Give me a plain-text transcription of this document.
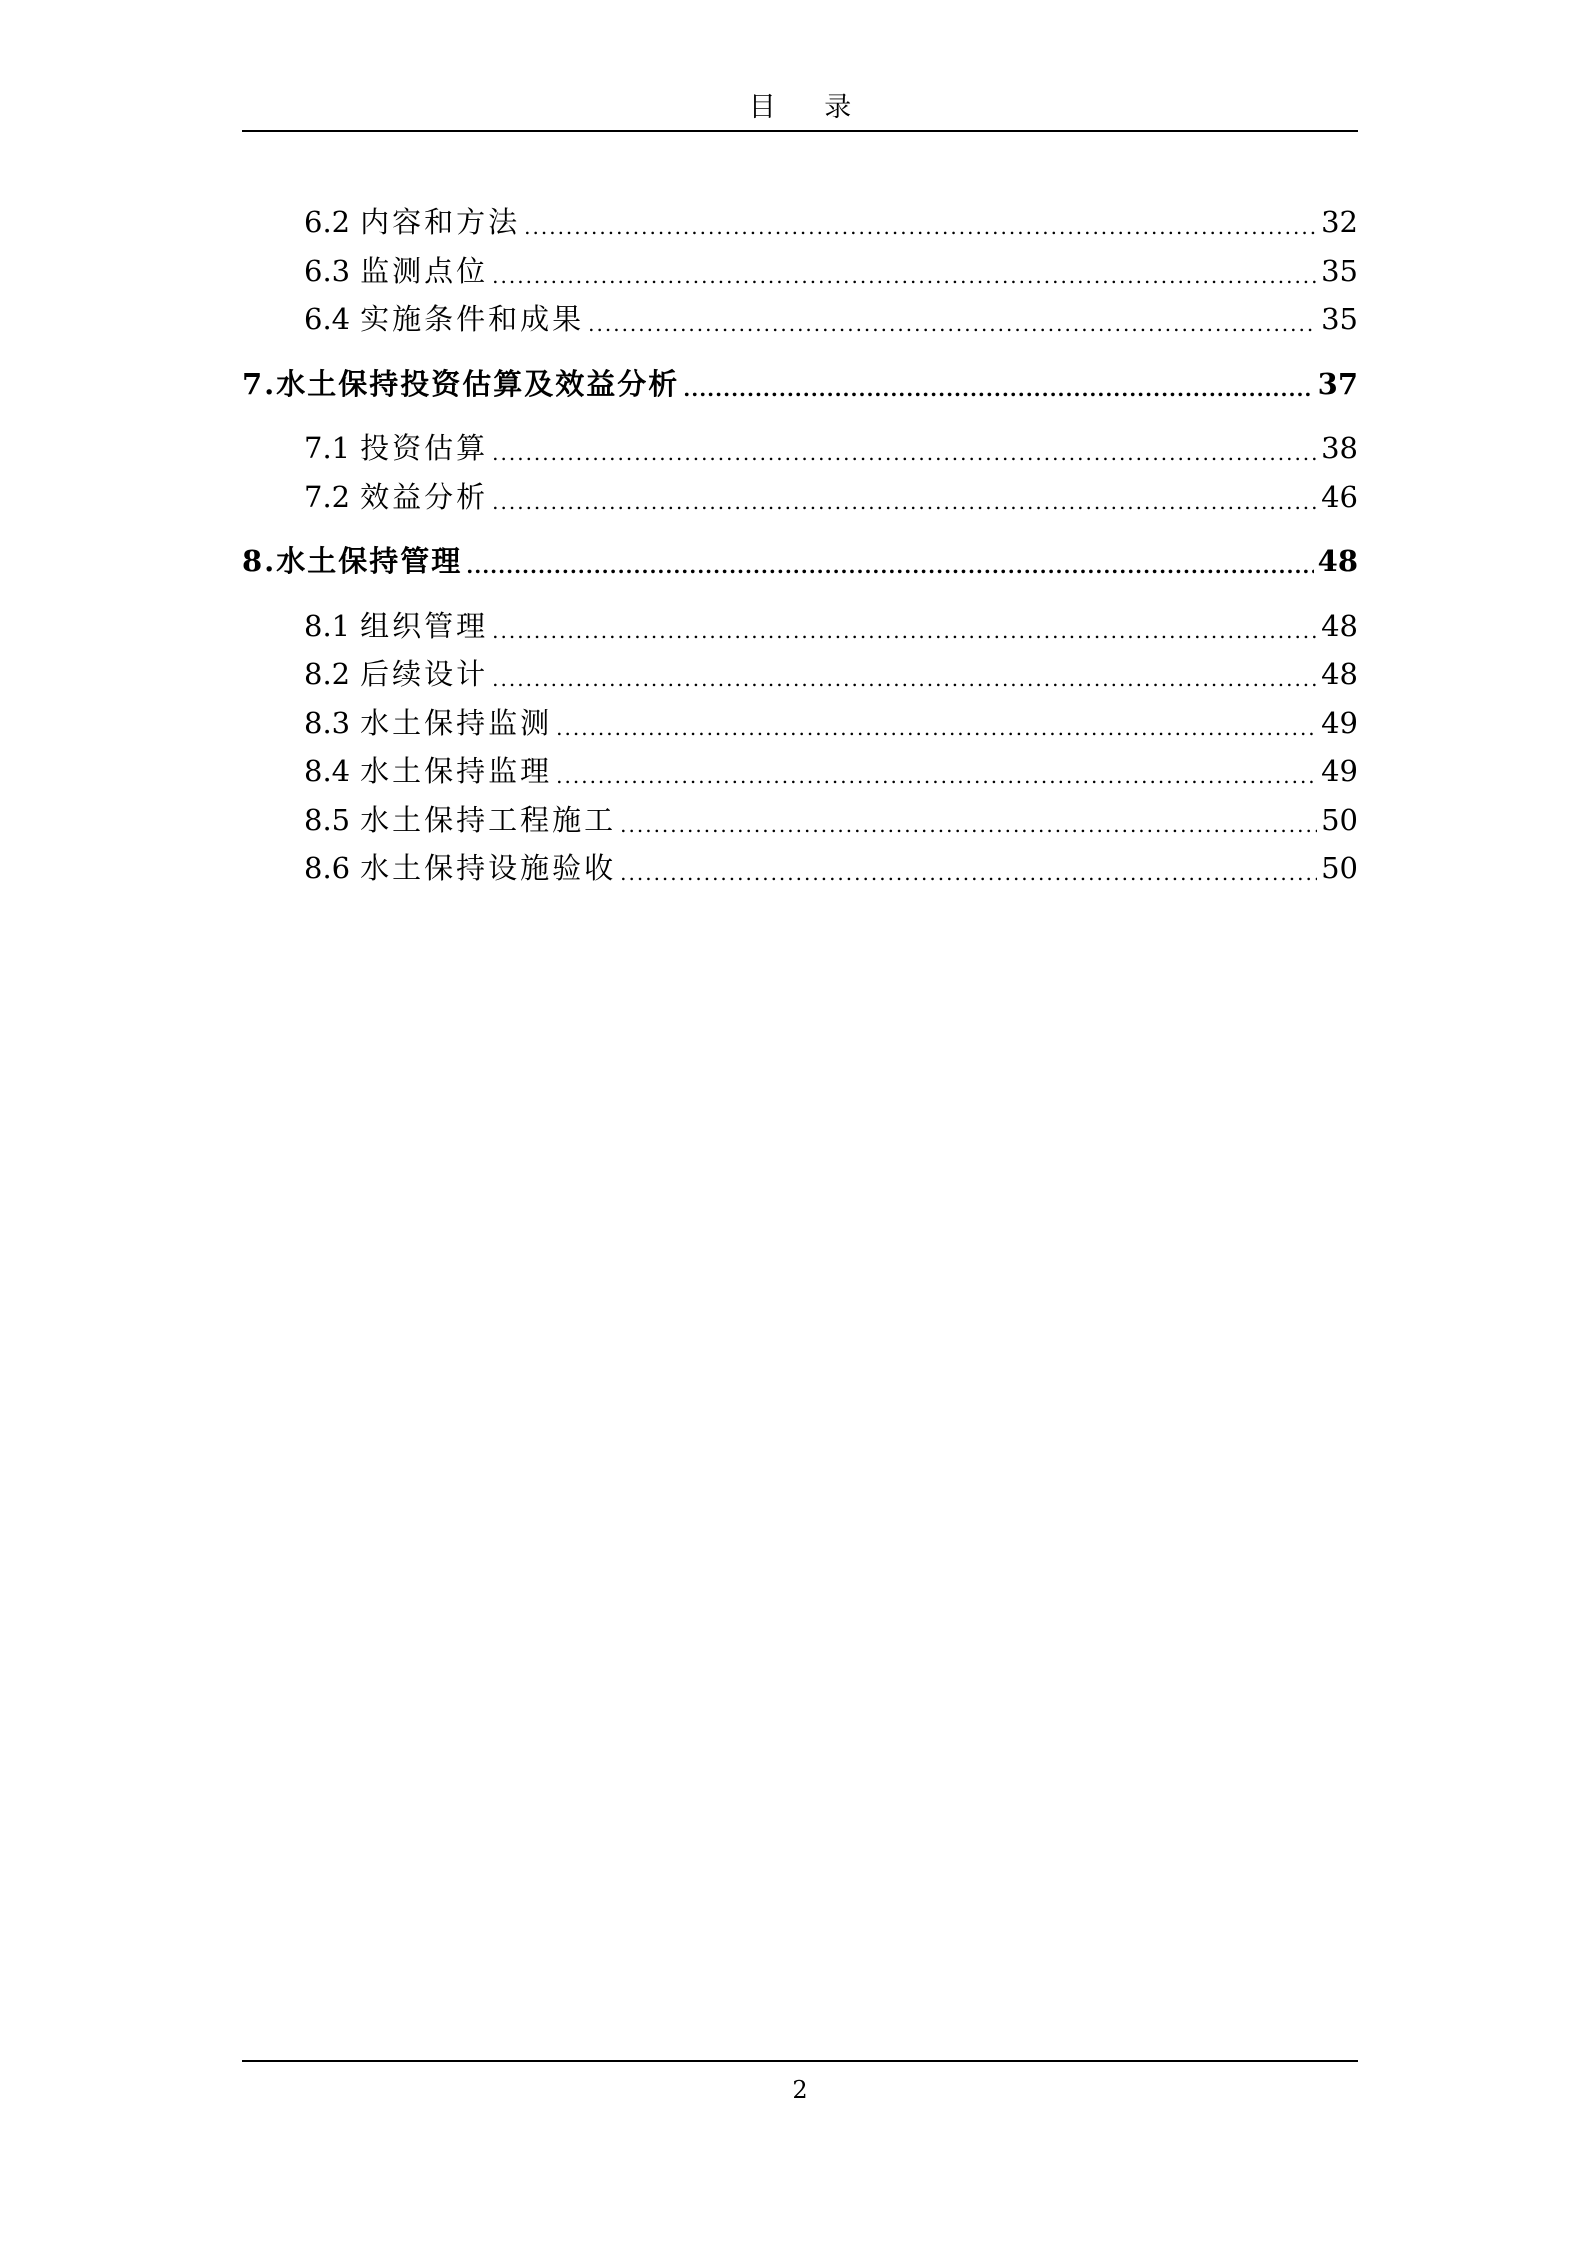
目 录
6.2 内容和方法 .....	32
6.3 监测点位 .....	35
6.4 实施条件和成果 .....	35
7. 水土保持投资估算及效益分析 .....	37
7.1 投资估算 .....	38
7.2 效益分析 .....	46
8. 水土保持管理 .....	48
8.1 组织管理 .....	48
8.2 后续设计 .....	48
8.3 水土保持监测 .....	49
8.4 水土保持监理 .....	49
8.5 水土保持工程施工 .....	50
8.6 水土保持设施验收 .....	50
2
